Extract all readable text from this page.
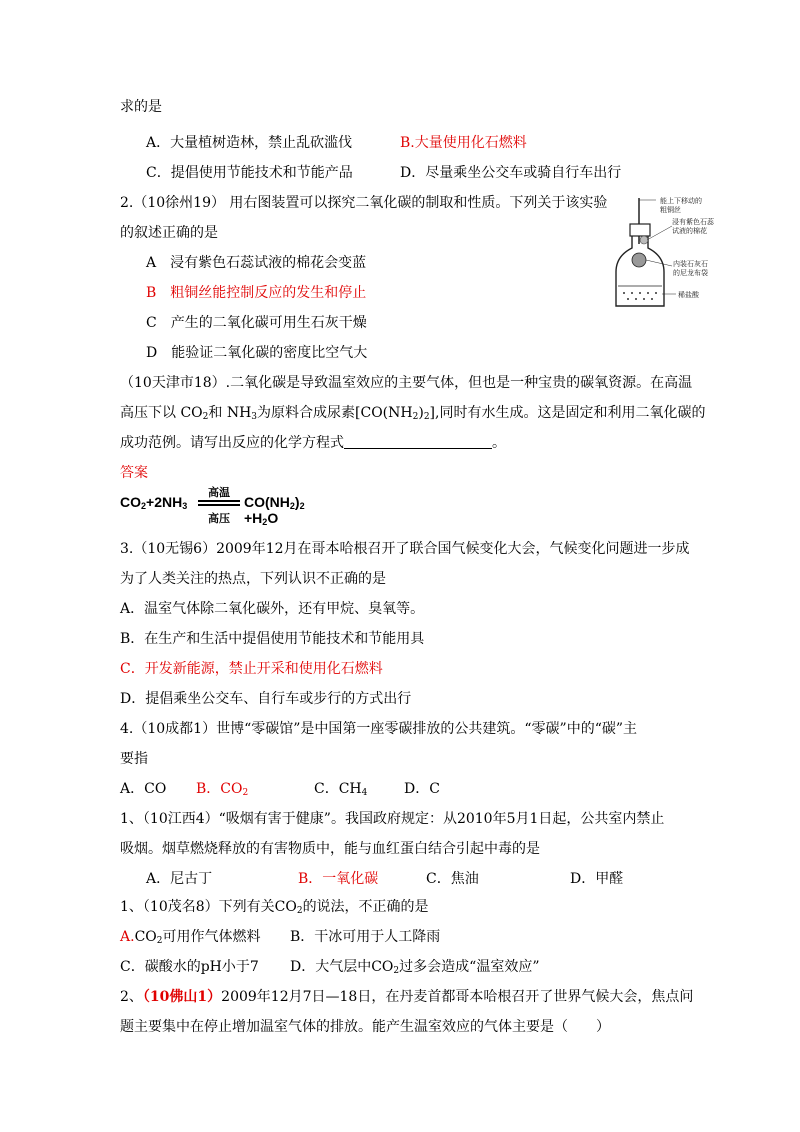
求的是
A．大量植树造林，禁止乱砍滥伐	B.大量使用化石燃料
C．提倡使用节能技术和节能产品	D．尽量乘坐公交车或骑自行车出行
2.（10徐州19） 用右图装置可以探究二氧化碳的制取和性质。下列关于该实验
的叙述正确的是
A　浸有紫色石蕊试液的棉花会变蓝
B　粗铜丝能控制反应的发生和停止
C　产生的二氧化碳可用生石灰干燥
D　能验证二氧化碳的密度比空气大
能上下移动的
粗铜丝
浸有紫色石蕊
试液的棉花
内装石灰石
的尼龙布袋
稀盐酸
（10天津市18）.二氧化碳是导致温室效应的主要气体，但也是一种宝贵的碳氧资源。在高温
高压下以 $CO_2$和 $NH_3$为原料合成尿素$[CO(NH_2)_2]$,同时有水生成。这是固定和利用二氧化碳的
成功范例。请写出反应的化学方程式	。
答案
$CO_2+2NH_3$
高温
高压
$CO(NH_2)_2 +H_2O$
3.（10无锡6）2009年12月在哥本哈根召开了联合国气候变化大会，气候变化问题进一步成
为了人类关注的热点，下列认识不正确的是
A．温室气体除二氧化碳外，还有甲烷、臭氧等。
B．在生产和生活中提倡使用节能技术和节能用具
C．开发新能源，禁止开采和使用化石燃料
D．提倡乘坐公交车、自行车或步行的方式出行
4.（10成都1）世博“零碳馆”是中国第一座零碳排放的公共建筑。“零碳”中的“碳”主
要指
A．CO B．$CO_2$	C．$CH_4$	D．C
1、（10江西4）“吸烟有害于健康”。我国政府规定：从2010年5月1日起，公共室内禁止
吸烟。烟草燃烧释放的有害物质中，能与血红蛋白结合引起中毒的是
A．尼古丁	B．一氧化碳	C．焦油	D．甲醛
1、（10茂名8）下列有关$CO_2$的说法，不正确的是
$A.CO_2$可用作气体燃料 B．干冰可用于人工降雨
C．碳酸水的pH小于7 D．大气层中$CO_2$过多会造成“温室效应”
2、（10佛山1）2009年12月7日—18日，在丹麦首都哥本哈根召开了世界气候大会，焦点问
题主要集中在停止增加温室气体的排放。能产生温室效应的气体主要是（　　）
